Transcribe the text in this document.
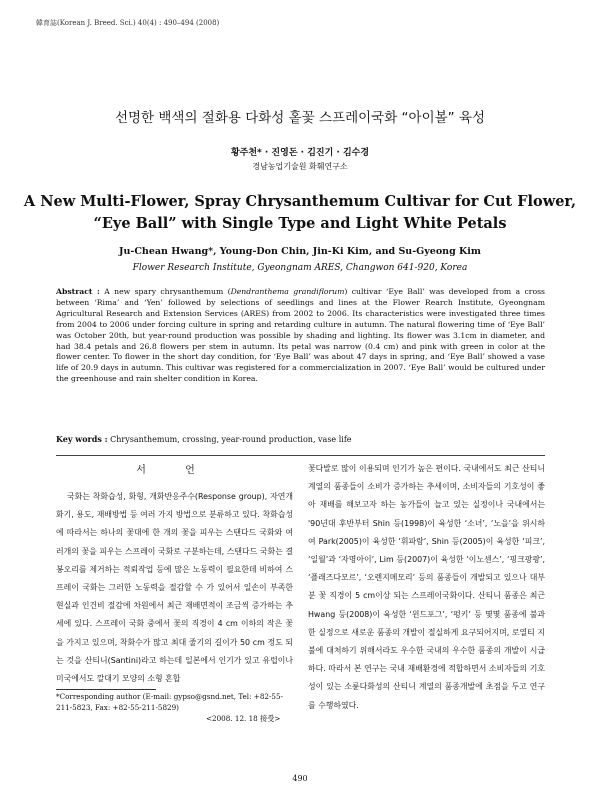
韓育誌(Korean J. Breed. Sci.) 40(4) : 490–494 (2008)
선명한 백색의 절화용 다화성 홑꽃 스프레이국화 “아이볼” 육성
황주천* · 진영돈 · 김진기 · 김수경
경남농업기술원 화훼연구소
A New Multi-Flower, Spray Chrysanthemum Cultivar for Cut Flower,
“Eye Ball” with Single Type and Light White Petals
Ju-Chean Hwang*, Young-Don Chin, Jin-Ki Kim, and Su-Gyeong Kim
Flower Research Institute, Gyeongnam ARES, Changwon 641-920, Korea
Abstract : A new spary chrysanthemum (Dendranthema grandiflorum) cultivar ‘Eye Ball’ was developed from a cross between ‘Rima’ and ‘Yen’ followed by selections of seedlings and lines at the Flower Rearch Institute, Gyeongnam Agricultural Research and Extension Services (ARES) from 2002 to 2006. Its characteristics were investigated three times from 2004 to 2006 under forcing culture in spring and retarding culture in autumn. The natural flowering time of ‘Eye Ball’ was October 20th, but year-round production was possible by shading and lighting. Its flower was 3.1cm in diameter, and had 38.4 petals and 26.8 flowers per stem in autumn. Its petal was narrow (0.4 cm) and pink with green in color at the flower center. To flower in the short day condition, for ‘Eye Ball’ was about 47 days in spring, and ‘Eye Ball’ showed a vase life of 20.9 days in autumn. This cultivar was registered for a commercialization in 2007. ‘Eye Ball’ would be cultured under the greenhouse and rain shelter condition in Korea.
Key words : Chrysanthemum, crossing, year-round production, vase life
서 언

국화는 착화습성, 화형, 개화반응주수(Response group), 자연개화기, 용도, 재배방법 등 여러 가지 방법으로 분류하고 있다. 착화습성에 따라서는 하나의 꽃대에 한 개의 꽃을 피우는 스탠다드 국화와 여러개의 꽃을 피우는 스프레이 국화로 구분하는데, 스탠다드 국화는 결봉오리를 제거하는 적뢰작업 등에 많은 노동력이 필요한데 비하여 스프레이 국화는 그러한 노동력을 절감할 수 가 있어서 일손이 부족한 현실과 인건비 절감에 차원에서 최근 재배면적이 조금씩 증가하는 추세에 있다. 스프레이 국화 중에서 꽃의 직경이 4 cm 이하의 작은 꽃을 가지고 있으며, 착화수가 많고 최대 줄기의 길이가 50 cm 정도 되는 것을 산티니(Santini)라고 하는데 일본에서 인기가 있고 유럽이나 미국에서도 깔대기 모양의 소형 혼합

꽃다발로 많이 이용되며 인기가 높은 편이다. 국내에서도 최근 산티니 계열의 품종들이 소비가 증가하는 추세이며, 소비자들의 기호성이 좋아 재배를 해보고자 하는 농가들이 늘고 있는 실정이나 국내에서는 '90년대 후반부터 Shin 등(1998)이 육성한 ‘소녀’, ‘노을’을 위시하여 Park(2005)이 육성한 ‘휘파람’, Shin 등(2005)이 육성한 ‘피크’, ‘일월’과 ‘자명아이’, Lim 등(2007)이 육성한 ‘이노센스’, ‘핑크팡팡’, ‘플래즈다모르’, ‘오렌지메모리’ 등의 품종들이 개발되고 있으나 대부분 꽃 직경이 5 cm이상 되는 스프레이국화이다. 산티니 품종은 최근 Hwang 등(2008)이 육성한 ‘윈드포그’, ‘펑키’ 등 몇몇 품종에 불과한 실정으로 새로운 품종의 개발이 절실하게 요구되어지며, 로열티 지불에 대처하기 위해서라도 우수한 국내의 우수한 품종의 개발이 시급하다. 따라서 본 연구는 국내 재배환경에 적합하면서 소비자들의 기호성이 있는 소륜다화성의 산티니 계열의 품종개발에 초점을 두고 연구를 수행하였다.

*Corresponding author (E-mail: gypso@gsnd.net, Tel: +82-55-211-5823, Fax: +82-55-211-5829)
<2008. 12. 18 接受>
490
